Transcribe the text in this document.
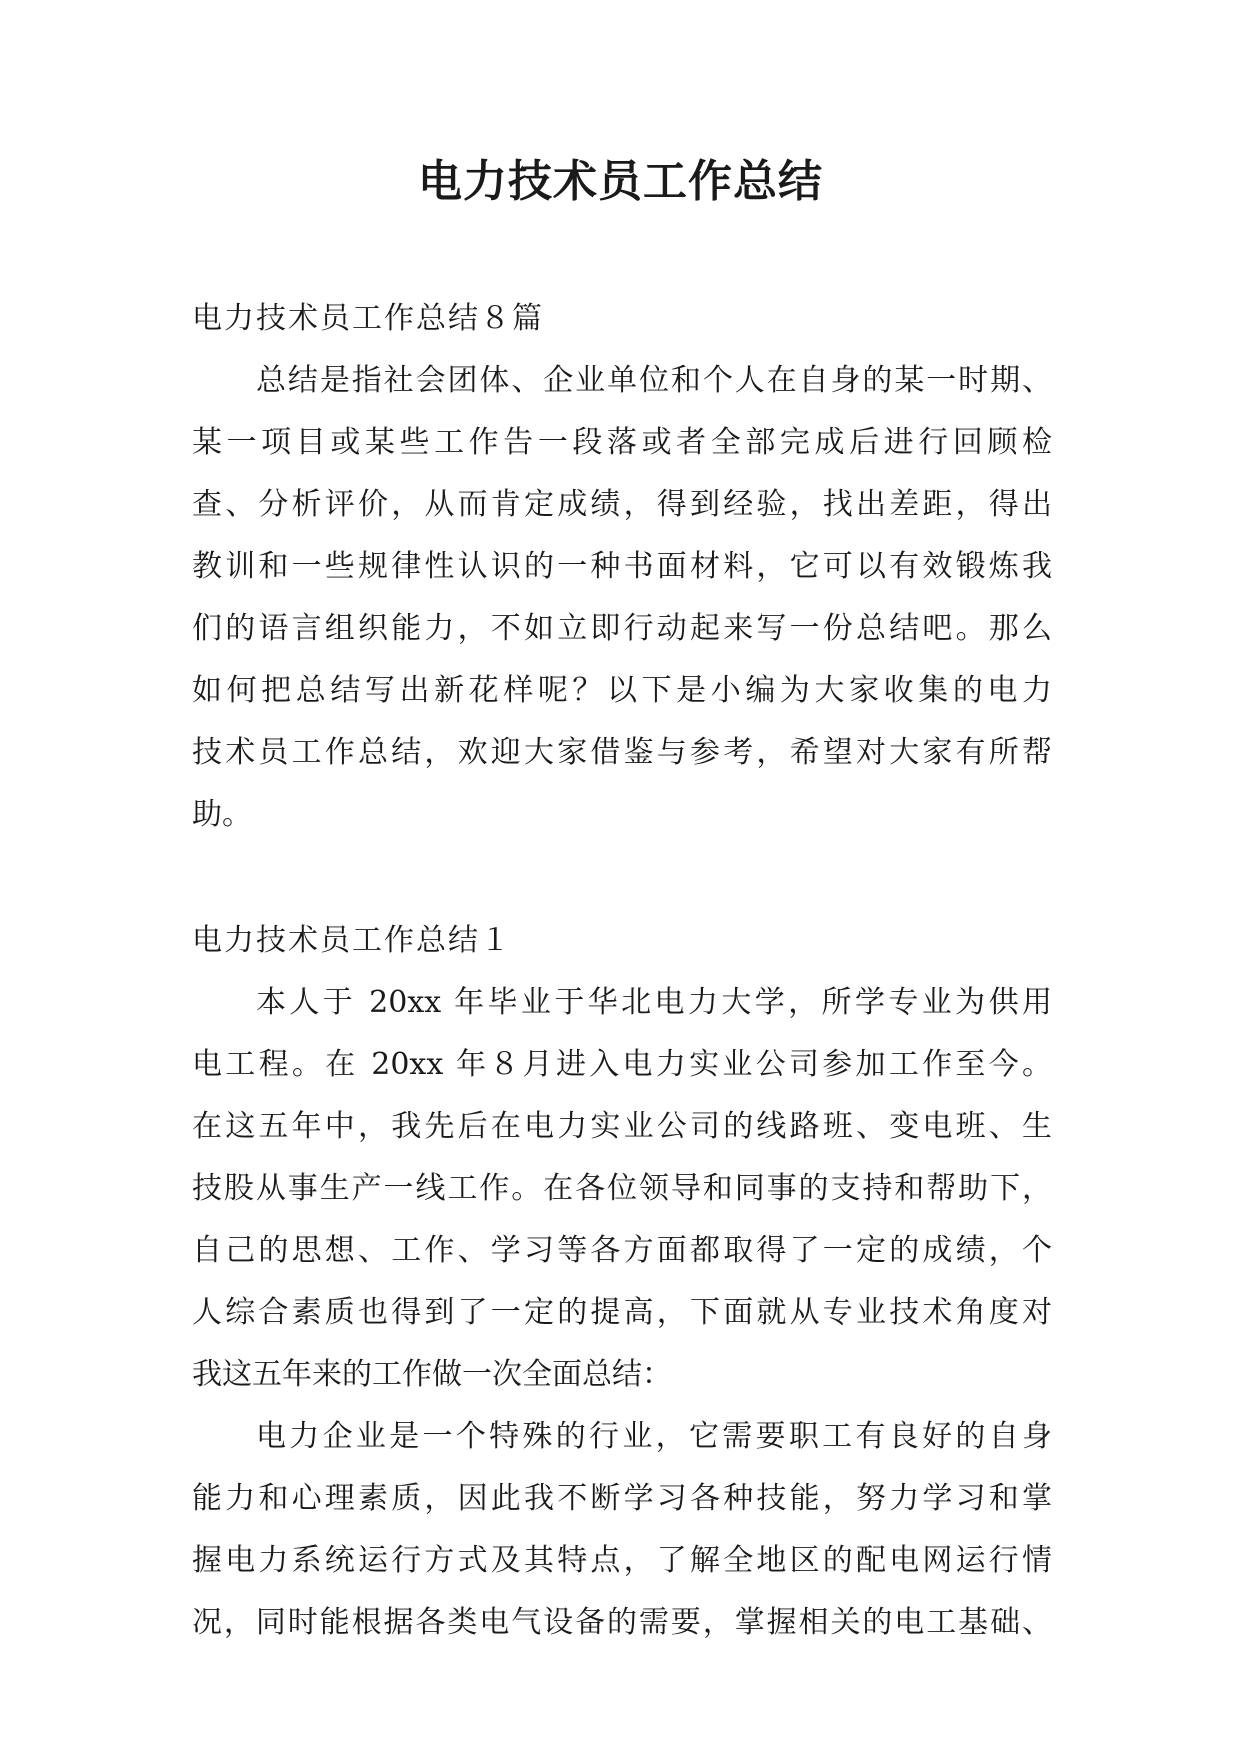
电力技术员工作总结
电力技术员工作总结８篇
总结是指社会团体、企业单位和个人在自身的某一时期、
某一项目或某些工作告一段落或者全部完成后进行回顾检
查、分析评价，从而肯定成绩，得到经验，找出差距，得出
教训和一些规律性认识的一种书面材料，它可以有效锻炼我
们的语言组织能力，不如立即行动起来写一份总结吧。那么
如何把总结写出新花样呢？以下是小编为大家收集的电力
技术员工作总结，欢迎大家借鉴与参考，希望对大家有所帮
助。
电力技术员工作总结１
本人于 20xx 年毕业于华北电力大学，所学专业为供用
电工程。在 20xx 年８月进入电力实业公司参加工作至今。
在这五年中，我先后在电力实业公司的线路班、变电班、生
技股从事生产一线工作。在各位领导和同事的支持和帮助下，
自己的思想、工作、学习等各方面都取得了一定的成绩，个
人综合素质也得到了一定的提高，下面就从专业技术角度对
我这五年来的工作做一次全面总结：
电力企业是一个特殊的行业，它需要职工有良好的自身
能力和心理素质，因此我不断学习各种技能，努力学习和掌
握电力系统运行方式及其特点，了解全地区的配电网运行情
况，同时能根据各类电气设备的需要，掌握相关的电工基础、
